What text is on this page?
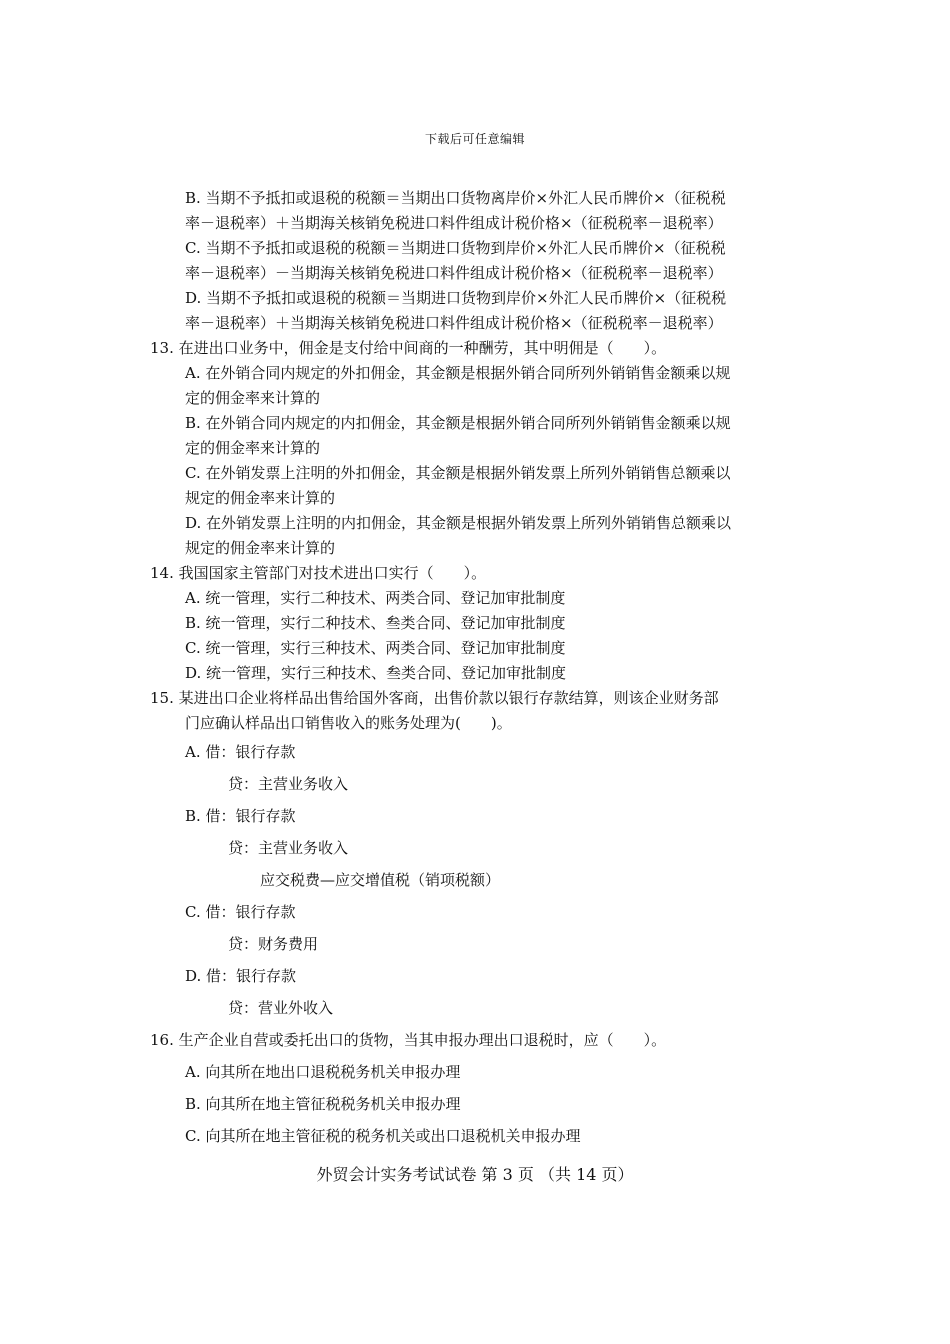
下载后可任意编辑
B. 当期不予抵扣或退税的税额＝当期出口货物离岸价×外汇人民币牌价×（征税税
率－退税率）＋当期海关核销免税进口料件组成计税价格×（征税税率－退税率）
C. 当期不予抵扣或退税的税额＝当期进口货物到岸价×外汇人民币牌价×（征税税
率－退税率）－当期海关核销免税进口料件组成计税价格×（征税税率－退税率）
D. 当期不予抵扣或退税的税额＝当期进口货物到岸价×外汇人民币牌价×（征税税
率－退税率）＋当期海关核销免税进口料件组成计税价格×（征税税率－退税率）
13. 在进出口业务中，佣金是支付给中间商的一种酬劳，其中明佣是（　　）。
A. 在外销合同内规定的外扣佣金，其金额是根据外销合同所列外销销售金额乘以规
定的佣金率来计算的
B. 在外销合同内规定的内扣佣金，其金额是根据外销合同所列外销销售金额乘以规
定的佣金率来计算的
C. 在外销发票上注明的外扣佣金，其金额是根据外销发票上所列外销销售总额乘以
规定的佣金率来计算的
D. 在外销发票上注明的内扣佣金，其金额是根据外销发票上所列外销销售总额乘以
规定的佣金率来计算的
14. 我国国家主管部门对技术进出口实行（　　）。
A. 统一管理，实行二种技术、两类合同、登记加审批制度
B. 统一管理，实行二种技术、叁类合同、登记加审批制度
C. 统一管理，实行三种技术、两类合同、登记加审批制度
D. 统一管理，实行三种技术、叁类合同、登记加审批制度
15. 某进出口企业将样品出售给国外客商，出售价款以银行存款结算，则该企业财务部
门应确认样品出口销售收入的账务处理为(　　)。
A. 借：银行存款
贷：主营业务收入
B. 借：银行存款
贷：主营业务收入
应交税费—应交增值税（销项税额）
C. 借：银行存款
贷：财务费用
D. 借：银行存款
贷：营业外收入
16. 生产企业自营或委托出口的货物，当其申报办理出口退税时，应（　　）。
A. 向其所在地出口退税税务机关申报办理
B. 向其所在地主管征税税务机关申报办理
C. 向其所在地主管征税的税务机关或出口退税机关申报办理
外贸会计实务考试试卷 第 3 页 （共 14 页）
